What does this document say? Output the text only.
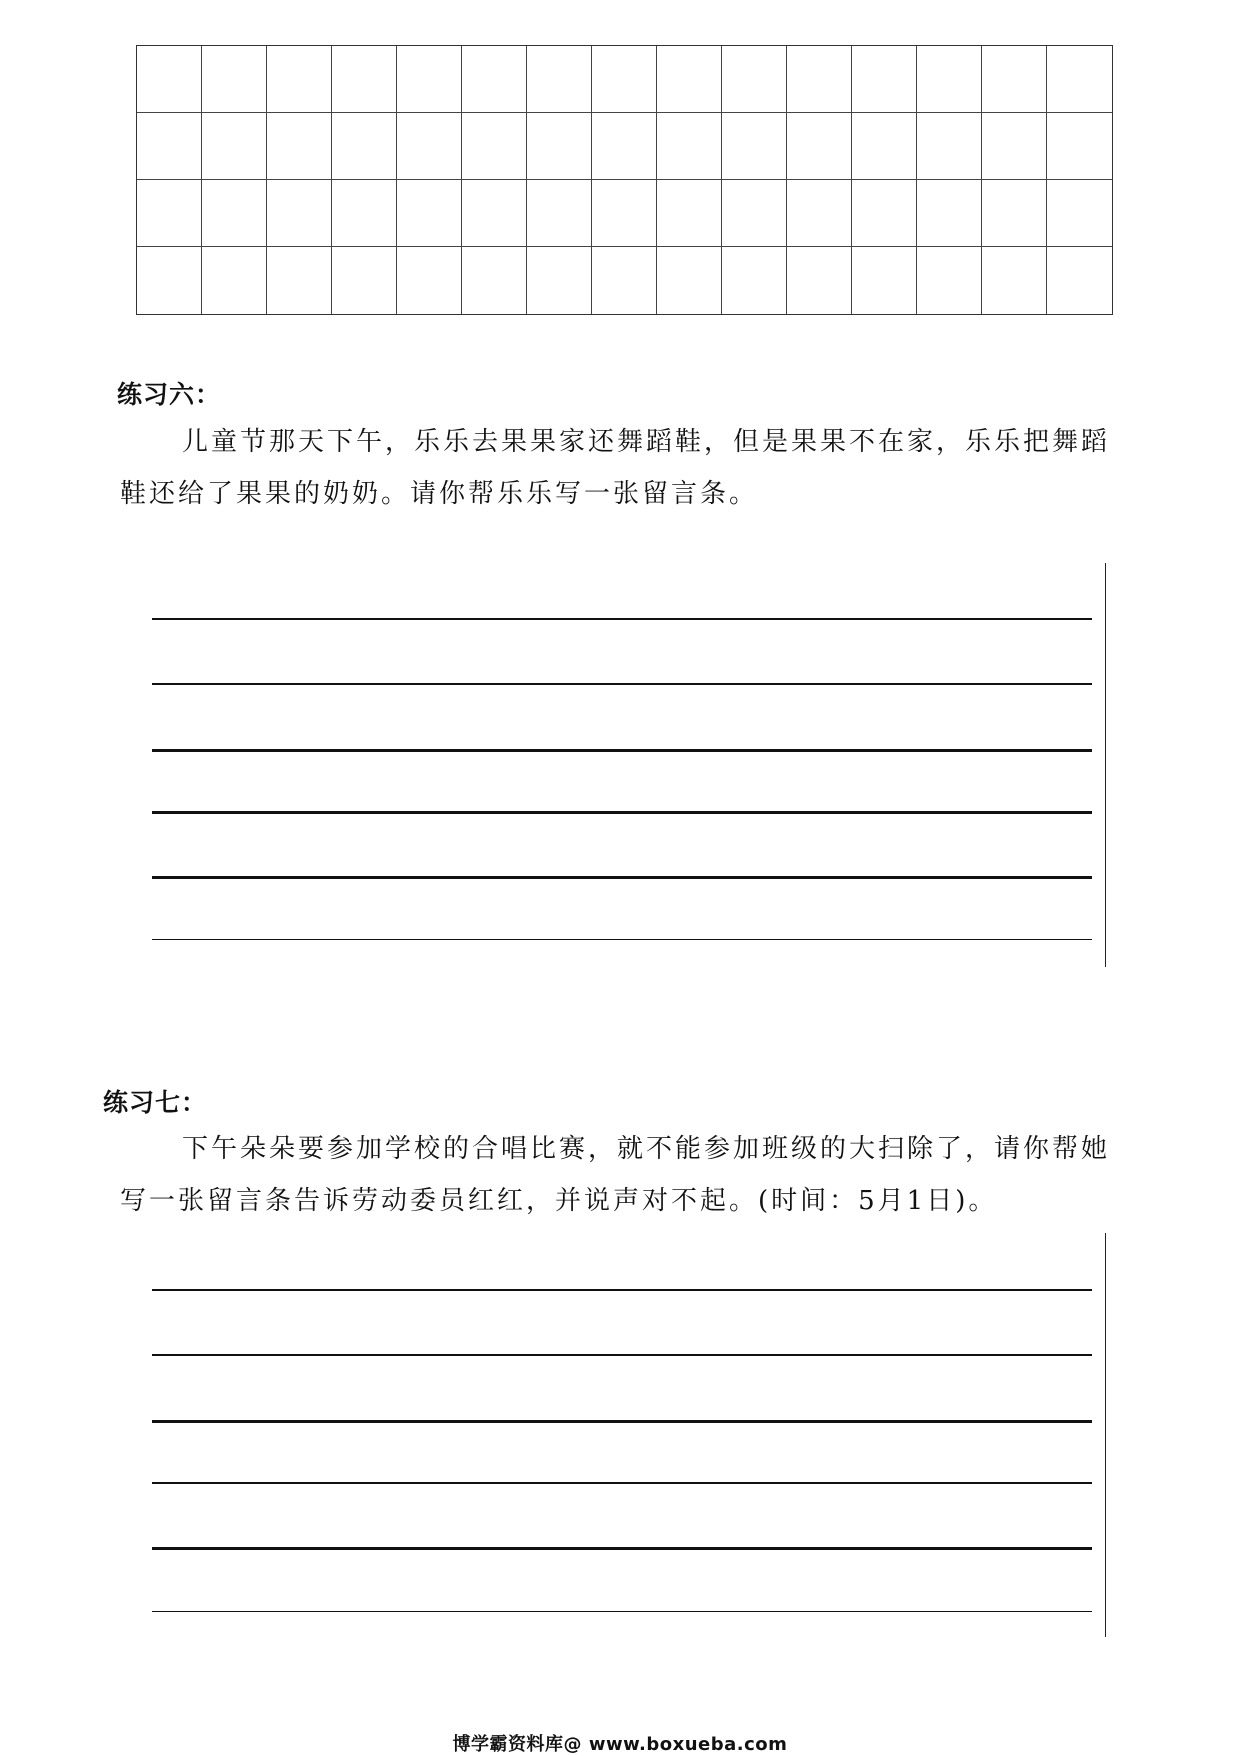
练习六：

儿童节那天下午，乐乐去果果家还舞蹈鞋，但是果果不在家，乐乐把舞蹈鞋还给了果果的奶奶。请你帮乐乐写一张留言条。

练习七：

下午朵朵要参加学校的合唱比赛，就不能参加班级的大扫除了，请你帮她写一张留言条告诉劳动委员红红，并说声对不起。(时间：5月1日)。

博学霸资料库@ www.boxueba.com
